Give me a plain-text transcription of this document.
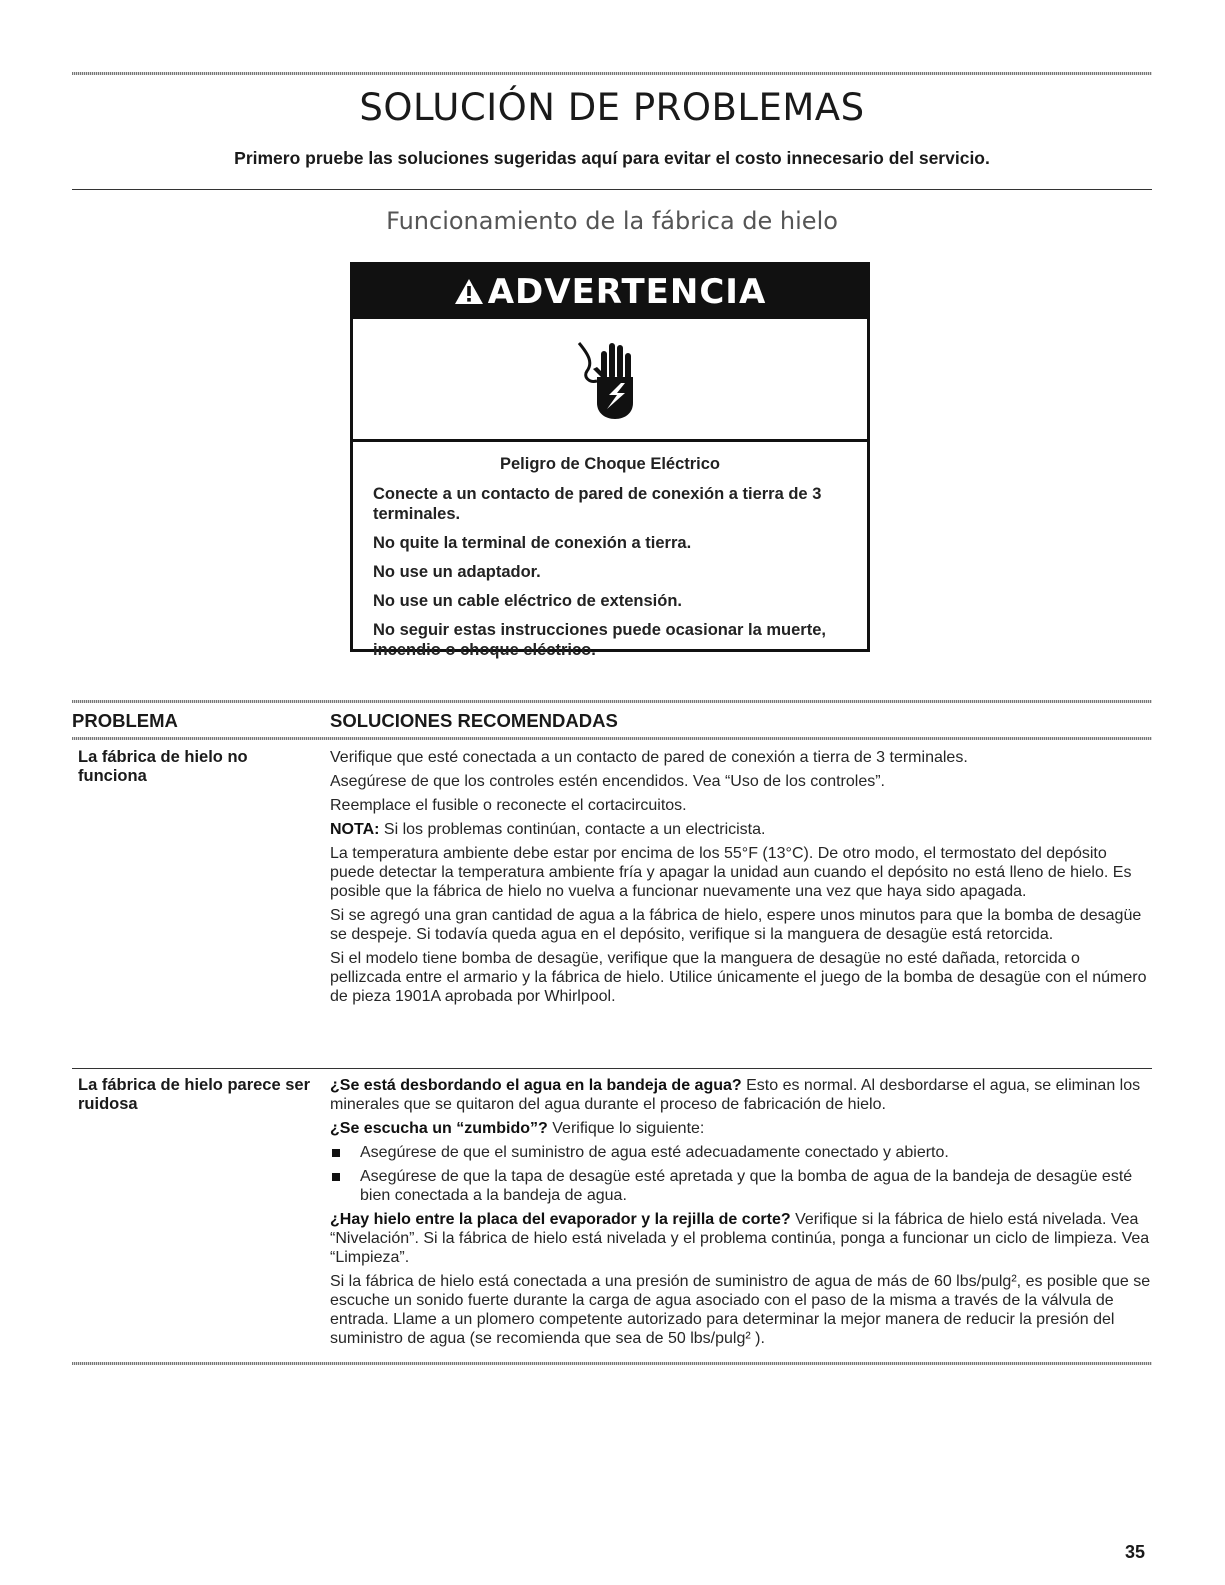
SOLUCIÓN DE PROBLEMAS

Primero pruebe las soluciones sugeridas aquí para evitar el costo innecesario del servicio.

Funcionamiento de la fábrica de hielo
ADVERTENCIA

Peligro de Choque Eléctrico

Conecte a un contacto de pared de conexión a tierra de 3 terminales.

No quite la terminal de conexión a tierra.

No use un adaptador.

No use un cable eléctrico de extensión.

No seguir estas instrucciones puede ocasionar la muerte, incendio o choque eléctrico.

PROBLEMA	SOLUCIONES RECOMENDADAS
La fábrica de hielo no funciona

Verifique que esté conectada a un contacto de pared de conexión a tierra de 3 terminales.

Asegúrese de que los controles estén encendidos. Vea “Uso de los controles”.

Reemplace el fusible o reconecte el cortacircuitos.

NOTA: Si los problemas continúan, contacte a un electricista.

La temperatura ambiente debe estar por encima de los 55°F (13°C). De otro modo, el termostato del depósito puede detectar la temperatura ambiente fría y apagar la unidad aun cuando el depósito no está lleno de hielo. Es posible que la fábrica de hielo no vuelva a funcionar nuevamente una vez que haya sido apagada.

Si se agregó una gran cantidad de agua a la fábrica de hielo, espere unos minutos para que la bomba de desagüe se despeje. Si todavía queda agua en el depósito, verifique si la manguera de desagüe está retorcida.

Si el modelo tiene bomba de desagüe, verifique que la manguera de desagüe no esté dañada, retorcida o pellizcada entre el armario y la fábrica de hielo. Utilice únicamente el juego de la bomba de desagüe con el número de pieza 1901A aprobada por Whirlpool.

La fábrica de hielo parece ser ruidosa

¿Se está desbordando el agua en la bandeja de agua? Esto es normal. Al desbordarse el agua, se eliminan los minerales que se quitaron del agua durante el proceso de fabricación de hielo.

¿Se escucha un “zumbido”? Verifique lo siguiente:

Asegúrese de que el suministro de agua esté adecuadamente conectado y abierto.

Asegúrese de que la tapa de desagüe esté apretada y que la bomba de agua de la bandeja de desagüe esté bien conectada a la bandeja de agua.

¿Hay hielo entre la placa del evaporador y la rejilla de corte? Verifique si la fábrica de hielo está nivelada. Vea “Nivelación”. Si la fábrica de hielo está nivelada y el problema continúa, ponga a funcionar un ciclo de limpieza. Vea “Limpieza”.

Si la fábrica de hielo está conectada a una presión de suministro de agua de más de 60 lbs/pulg², es posible que se escuche un sonido fuerte durante la carga de agua asociado con el paso de la misma a través de la válvula de entrada. Llame a un plomero competente autorizado para determinar la mejor manera de reducir la presión del suministro de agua (se recomienda que sea de 50 lbs/pulg² ).

35
